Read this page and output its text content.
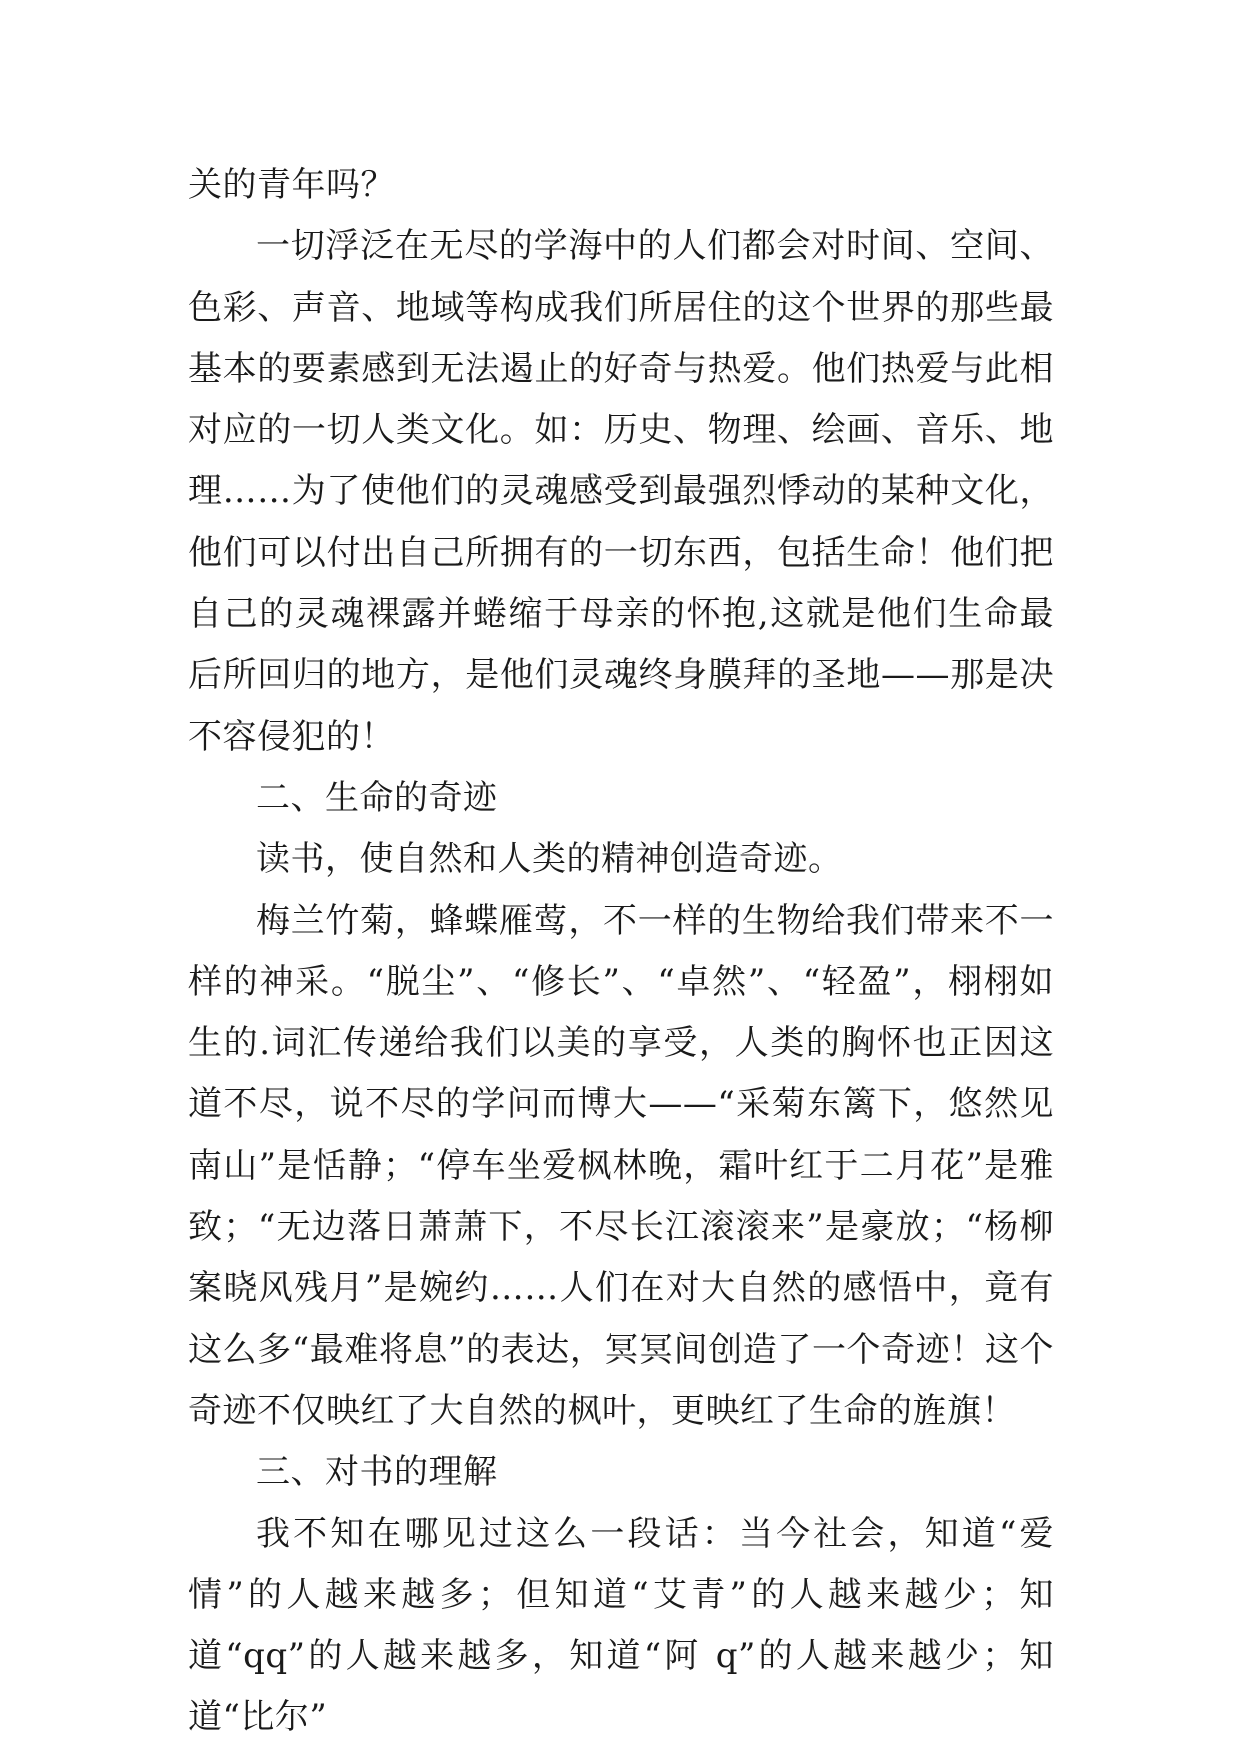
关的青年吗？

一切浮泛在无尽的学海中的人们都会对时间、空间、色彩、声音、地域等构成我们所居住的这个世界的那些最基本的要素感到无法遏止的好奇与热爱。他们热爱与此相对应的一切人类文化。如：历史、物理、绘画、音乐、地理……为了使他们的灵魂感受到最强烈悸动的某种文化，他们可以付出自己所拥有的一切东西，包括生命！他们把自己的灵魂裸露并蜷缩于母亲的怀抱,这就是他们生命最后所回归的地方，是他们灵魂终身膜拜的圣地——那是决不容侵犯的！

二、生命的奇迹

读书，使自然和人类的精神创造奇迹。

梅兰竹菊，蜂蝶雁莺，不一样的生物给我们带来不一样的神采。“脱尘”、“修长”、“卓然”、“轻盈”，栩栩如生的.词汇传递给我们以美的享受，人类的胸怀也正因这道不尽，说不尽的学问而博大——“采菊东篱下，悠然见南山”是恬静；“停车坐爱枫林晚，霜叶红于二月花”是雅致；“无边落日萧萧下，不尽长江滚滚来”是豪放；“杨柳案晓风残月”是婉约……人们在对大自然的感悟中，竟有这么多“最难将息”的表达，冥冥间创造了一个奇迹！这个奇迹不仅映红了大自然的枫叶，更映红了生命的旌旗！

三、对书的理解

我不知在哪见过这么一段话：当今社会，知道“爱情”的人越来越多；但知道“艾青”的人越来越少；知道“qq”的人越来越多，知道“阿 q”的人越来越少；知道“比尔”
